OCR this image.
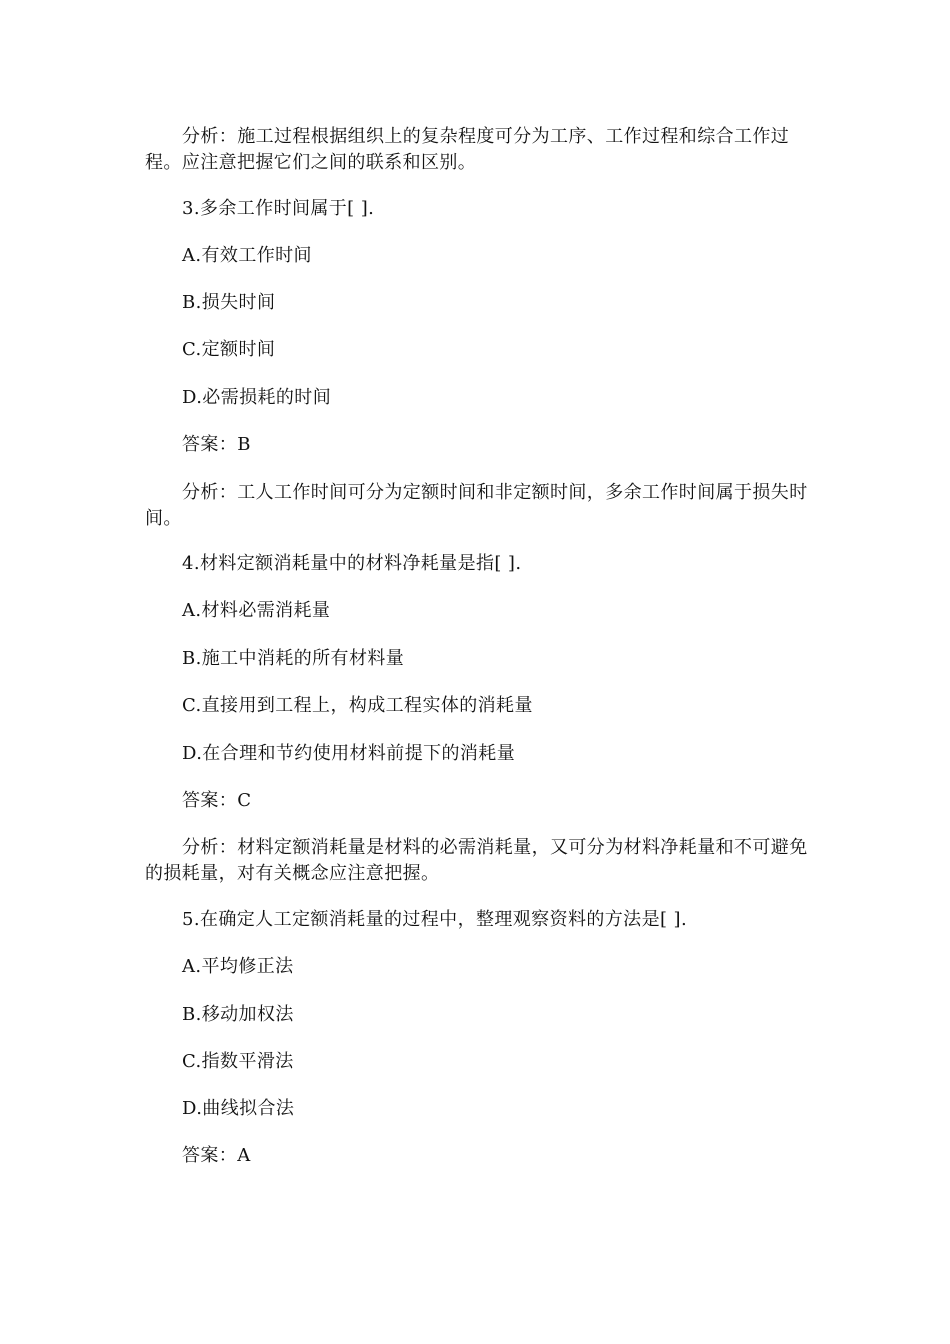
分析：施工过程根据组织上的复杂程度可分为工序、工作过程和综合工作过程。应注意把握它们之间的联系和区别。

3.多余工作时间属于[ ].

A.有效工作时间

B.损失时间

C.定额时间

D.必需损耗的时间

答案：B

分析：工人工作时间可分为定额时间和非定额时间，多余工作时间属于损失时间。

4.材料定额消耗量中的材料净耗量是指[ ].

A.材料必需消耗量

B.施工中消耗的所有材料量

C.直接用到工程上，构成工程实体的消耗量

D.在合理和节约使用材料前提下的消耗量

答案：C

分析：材料定额消耗量是材料的必需消耗量，又可分为材料净耗量和不可避免的损耗量，对有关概念应注意把握。

5.在确定人工定额消耗量的过程中，整理观察资料的方法是[ ].

A.平均修正法

B.移动加权法

C.指数平滑法

D.曲线拟合法

答案：A
